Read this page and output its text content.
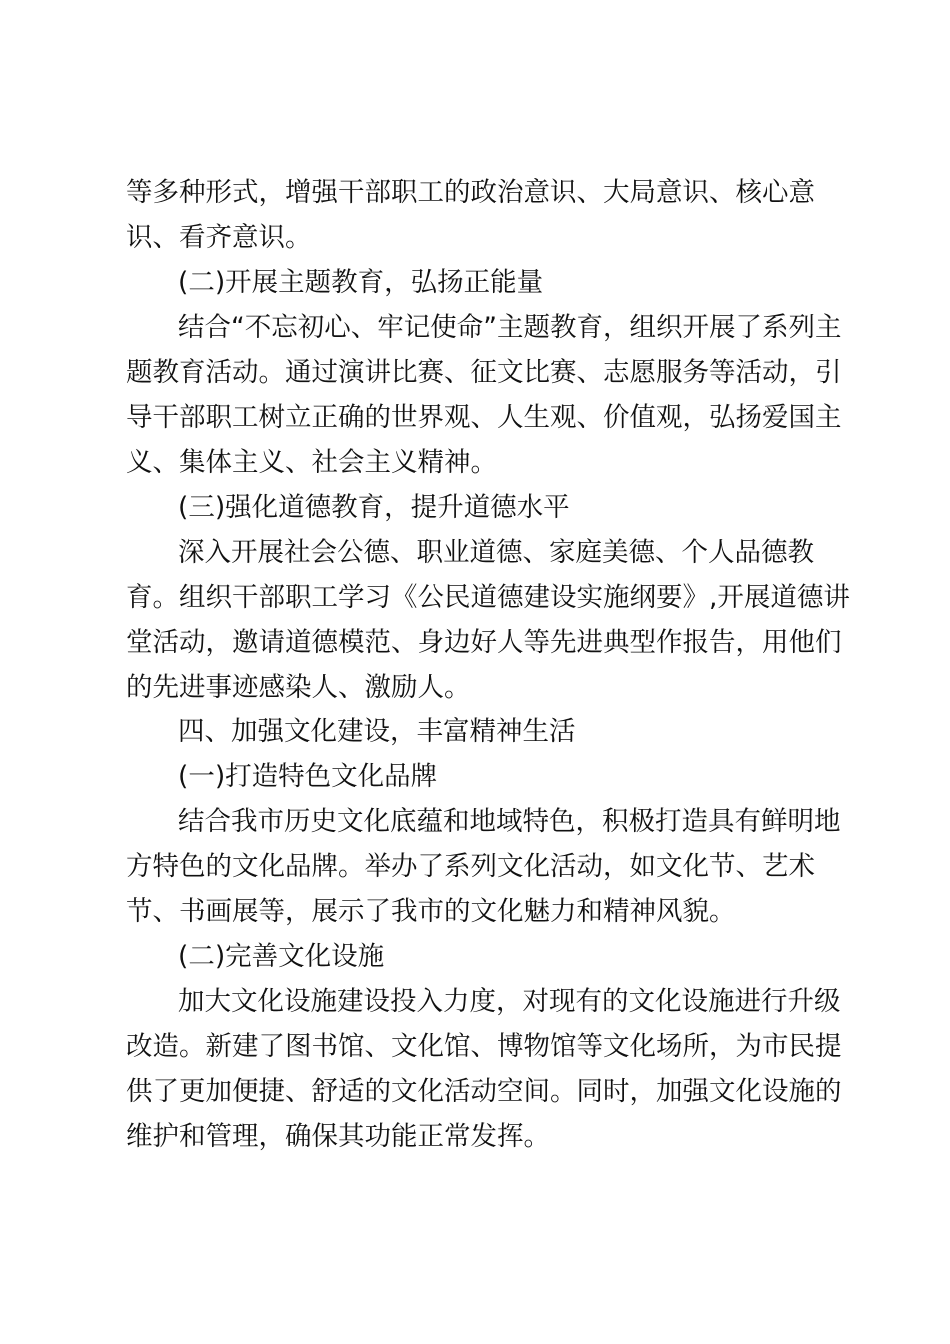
等多种形式，增强干部职工的政治意识、大局意识、核心意
识、看齐意识。
(二)开展主题教育，弘扬正能量
结合“不忘初心、牢记使命”主题教育，组织开展了系列主
题教育活动。通过演讲比赛、征文比赛、志愿服务等活动，引
导干部职工树立正确的世界观、人生观、价值观，弘扬爱国主
义、集体主义、社会主义精神。
(三)强化道德教育，提升道德水平
深入开展社会公德、职业道德、家庭美德、个人品德教
育。组织干部职工学习《公民道德建设实施纲要》,开展道德讲
堂活动，邀请道德模范、身边好人等先进典型作报告，用他们
的先进事迹感染人、激励人。
四、加强文化建设，丰富精神生活
(一)打造特色文化品牌
结合我市历史文化底蕴和地域特色，积极打造具有鲜明地
方特色的文化品牌。举办了系列文化活动，如文化节、艺术
节、书画展等，展示了我市的文化魅力和精神风貌。
(二)完善文化设施
加大文化设施建设投入力度，对现有的文化设施进行升级
改造。新建了图书馆、文化馆、博物馆等文化场所，为市民提
供了更加便捷、舒适的文化活动空间。同时，加强文化设施的
维护和管理，确保其功能正常发挥。
